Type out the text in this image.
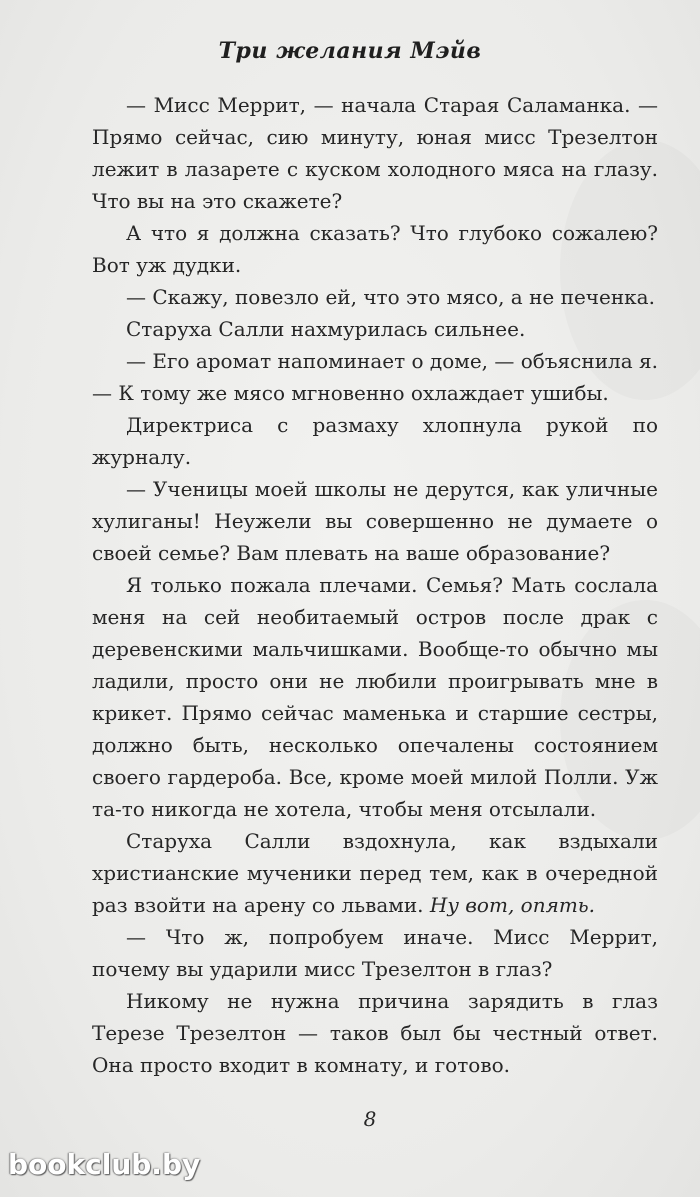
Три желания Мэйв

— Мисс Меррит, — начала Старая Саламанка. — Прямо сейчас, сию минуту, юная мисс Трезелтон лежит в лазарете с куском холодного мяса на глазу. Что вы на это скажете?

А что я должна сказать? Что глубоко сожалею? Вот уж дудки.

— Скажу, повезло ей, что это мясо, а не печенка.

Старуха Салли нахмурилась сильнее.

— Его аромат напоминает о доме, — объяснила я. — К тому же мясо мгновенно охлаждает ушибы.

Директриса с размаху хлопнула рукой по журналу.

— Ученицы моей школы не дерутся, как уличные хулиганы! Неужели вы совершенно не думаете о своей семье? Вам плевать на ваше образование?

Я только пожала плечами. Семья? Мать сослала меня на сей необитаемый остров после драк с деревенскими мальчишками. Вообще-то обычно мы ладили, просто они не любили проигрывать мне в крикет. Прямо сейчас маменька и старшие сестры, должно быть, несколько опечалены состоянием своего гардероба. Все, кроме моей милой Полли. Уж та-то никогда не хотела, чтобы меня отсылали.

Старуха Салли вздохнула, как вздыхали христианские мученики перед тем, как в очередной раз взойти на арену со львами. Ну вот, опять.

— Что ж, попробуем иначе. Мисс Меррит, почему вы ударили мисс Трезелтон в глаз?

Никому не нужна причина зарядить в глаз Терезе Трезелтон — таков был бы честный ответ. Она просто входит в комнату, и готово.

8
bookclub.by
